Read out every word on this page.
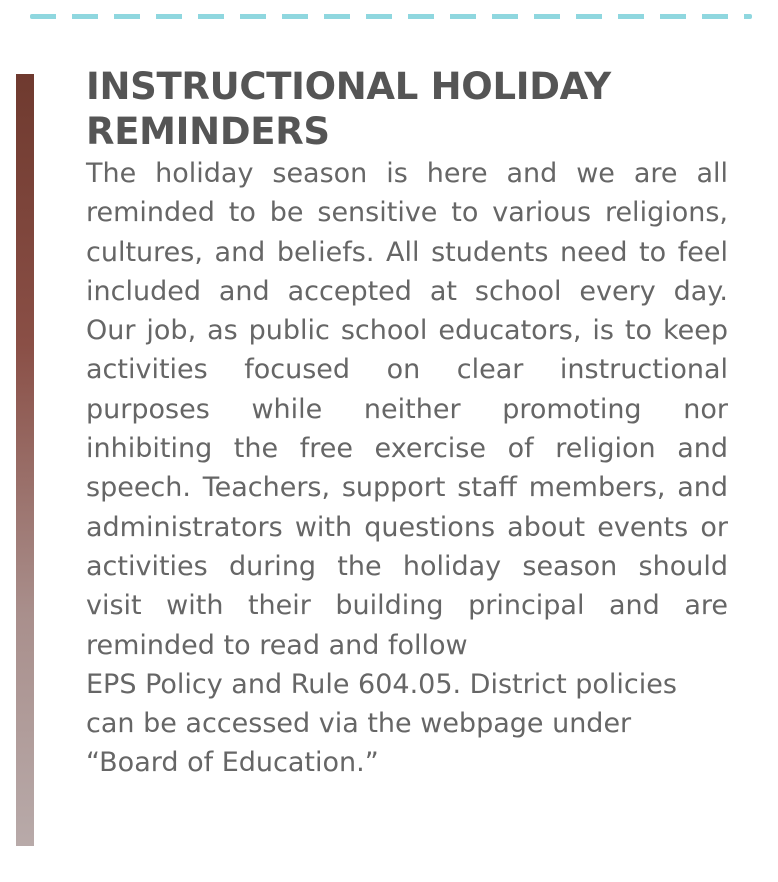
INSTRUCTIONAL HOLIDAY
REMINDERS

The holiday season is here and we are all reminded to be sensitive to various religions, cultures, and beliefs. All students need to feel included and accepted at school every day. Our job, as public school educators, is to keep activities focused on clear instructional purposes while neither promoting nor inhibiting the free exercise of religion and speech. Teachers, support staff members, and administrators with questions about events or activities during the holiday season should visit with their building principal and are reminded to read and follow

EPS Policy and Rule 604.05. District policies can be accessed via the webpage under “Board of Education.”
